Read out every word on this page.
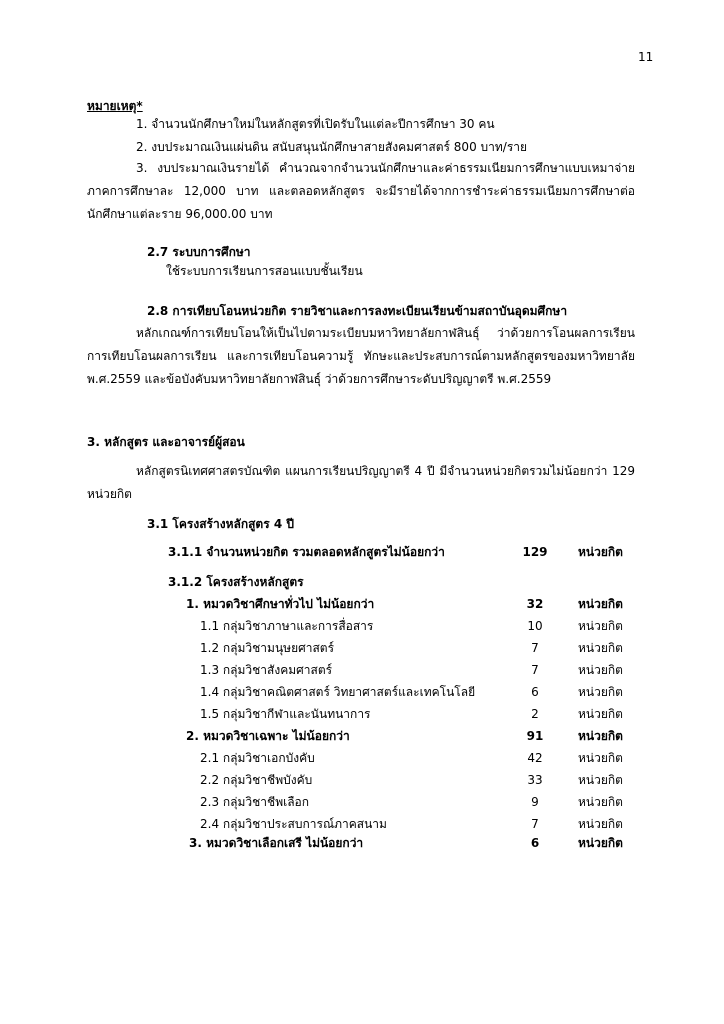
11
หมายเหตุ*
1. จำนวนนักศึกษาใหม่ในหลักสูตรที่เปิดรับในแต่ละปีการศึกษา 30 คน
2. งบประมาณเงินแผ่นดิน สนับสนุนนักศึกษาสายสังคมศาสตร์ 800 บาท/ราย
3. งบประมาณเงินรายได้ คำนวณจากจำนวนนักศึกษาและค่าธรรมเนียมการศึกษาแบบเหมาจ่ายภาคการศึกษาละ 12,000 บาท และตลอดหลักสูตร จะมีรายได้จากการชำระค่าธรรมเนียมการศึกษาต่อนักศึกษาแต่ละราย 96,000.00 บาท
2.7 ระบบการศึกษา
ใช้ระบบการเรียนการสอนแบบชั้นเรียน
2.8 การเทียบโอนหน่วยกิต รายวิชาและการลงทะเบียนเรียนข้ามสถาบันอุดมศึกษา
หลักเกณฑ์การเทียบโอนให้เป็นไปตามระเบียบมหาวิทยาลัยกาฬสินธุ์ ว่าด้วยการโอนผลการเรียน การเทียบโอนผลการเรียน และการเทียบโอนความรู้ ทักษะและประสบการณ์ตามหลักสูตรของมหาวิทยาลัย พ.ศ.2559 และข้อบังคับมหาวิทยาลัยกาฬสินธุ์ ว่าด้วยการศึกษาระดับปริญญาตรี พ.ศ.2559
3. หลักสูตร และอาจารย์ผู้สอน
หลักสูตรนิเทศศาสตรบัณฑิต แผนการเรียนปริญญาตรี 4 ปี มีจำนวนหน่วยกิตรวมไม่น้อยกว่า 129 หน่วยกิต
3.1 โครงสร้างหลักสูตร 4 ปี
3.1.1 จำนวนหน่วยกิต รวมตลอดหลักสูตรไม่น้อยกว่า	129	หน่วยกิต
3.1.2 โครงสร้างหลักสูตร
1. หมวดวิชาศึกษาทั่วไป ไม่น้อยกว่า	32	หน่วยกิต
1.1 กลุ่มวิชาภาษาและการสื่อสาร	10	หน่วยกิต
1.2 กลุ่มวิชามนุษยศาสตร์	7	หน่วยกิต
1.3 กลุ่มวิชาสังคมศาสตร์	7	หน่วยกิต
1.4 กลุ่มวิชาคณิตศาสตร์ วิทยาศาสตร์และเทคโนโลยี	6	หน่วยกิต
1.5 กลุ่มวิชากีฬาและนันทนาการ	2	หน่วยกิต
2. หมวดวิชาเฉพาะ ไม่น้อยกว่า	91	หน่วยกิต
2.1 กลุ่มวิชาเอกบังคับ	42	หน่วยกิต
2.2 กลุ่มวิชาชีพบังคับ	33	หน่วยกิต
2.3 กลุ่มวิชาชีพเลือก	9	หน่วยกิต
2.4 กลุ่มวิชาประสบการณ์ภาคสนาม	7	หน่วยกิต
3. หมวดวิชาเลือกเสรี ไม่น้อยกว่า	6	หน่วยกิต
